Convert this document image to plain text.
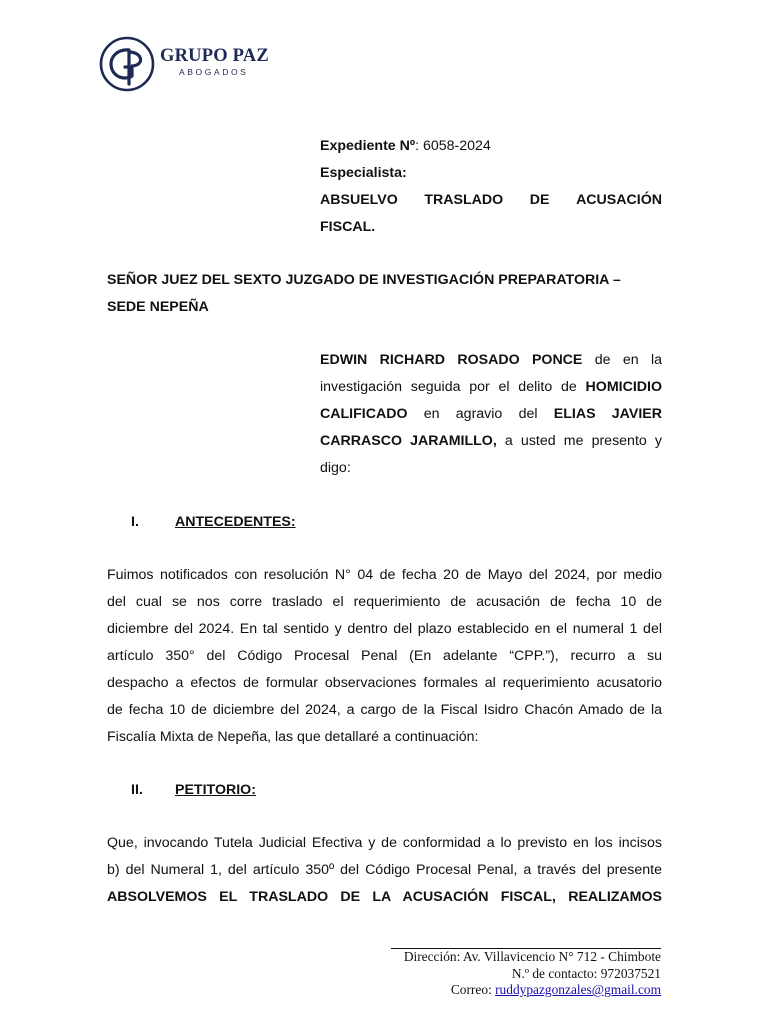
GRUPO PAZ
ABOGADOS
Expediente Nº: 6058-2024
Especialista:
ABSUELVO TRASLADO DE ACUSACIÓN
FISCAL.
SEÑOR JUEZ DEL SEXTO JUZGADO DE INVESTIGACIÓN PREPARATORIA –
SEDE NEPEÑA
EDWIN RICHARD ROSADO PONCE de en la
investigación seguida por el delito de HOMICIDIO
CALIFICADO en agravio del ELIAS JAVIER
CARRASCO JARAMILLO, a usted me presento y
digo:
I.	ANTECEDENTES:
Fuimos notificados con resolución N° 04 de fecha 20 de Mayo del 2024, por medio
del cual se nos corre traslado el requerimiento de acusación de fecha 10 de
diciembre del 2024. En tal sentido y dentro del plazo establecido en el numeral 1 del
artículo 350° del Código Procesal Penal (En adelante “CPP.”), recurro a su
despacho a efectos de formular observaciones formales al requerimiento acusatorio
de fecha 10 de diciembre del 2024, a cargo de la Fiscal Isidro Chacón Amado de la
Fiscalía Mixta de Nepeña, las que detallaré a continuación:
II. PETITORIO:
Que, invocando Tutela Judicial Efectiva y de conformidad a lo previsto en los incisos
b) del Numeral 1, del artículo 350º del Código Procesal Penal, a través del presente
ABSOLVEMOS EL TRASLADO DE LA ACUSACIÓN FISCAL, REALIZAMOS
Dirección: Av. Villavicencio N° 712 - Chimbote
N.º de contacto: 972037521
Correo: ruddypazgonzales@gmail.com
